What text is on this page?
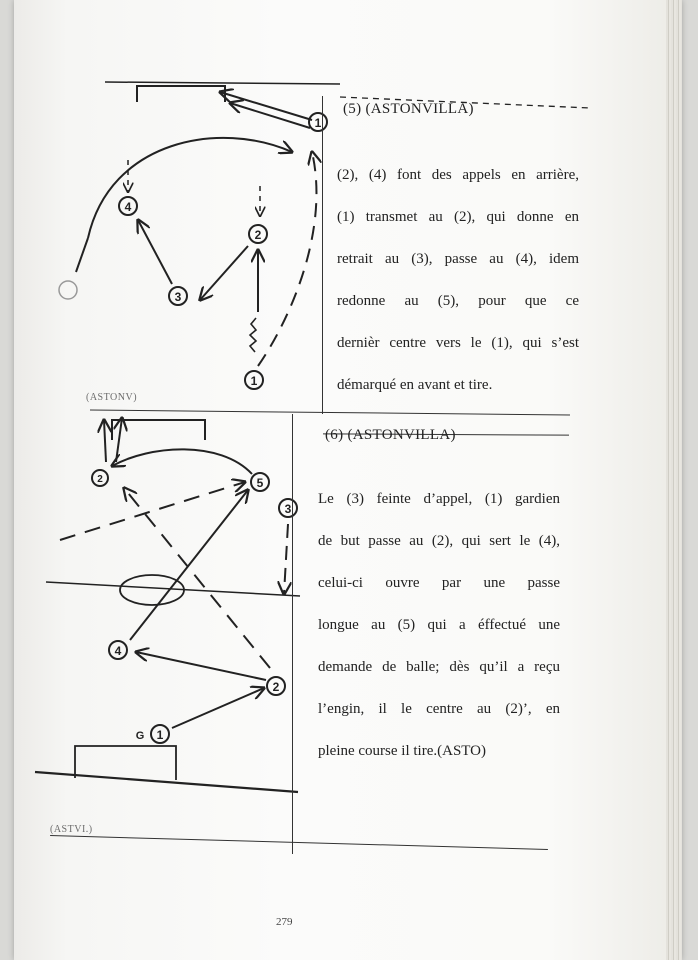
1
4
2
3
1
2	5
3
4
2
1
G
(5) (ASTONVILLA)
(2), (4) font des appels en arrière,
(1) transmet au (2), qui donne en
retrait au (3), passe au (4), idem
redonne au (5), pour que ce
dernièr centre vers le (1), qui s’est
démarqué en avant et tire.
(ASTONV)
(6) (ASTONVILLA)
Le (3) feinte d’appel, (1) gardien
de but passe au (2), qui sert le (4),
celui-ci ouvre par une passe
longue au (5) qui a éffectué une
demande de balle; dès qu’il a reçu
l’engin, il le centre au (2)’, en
pleine course il tire.(ASTO)
(ASTVI.)
279
